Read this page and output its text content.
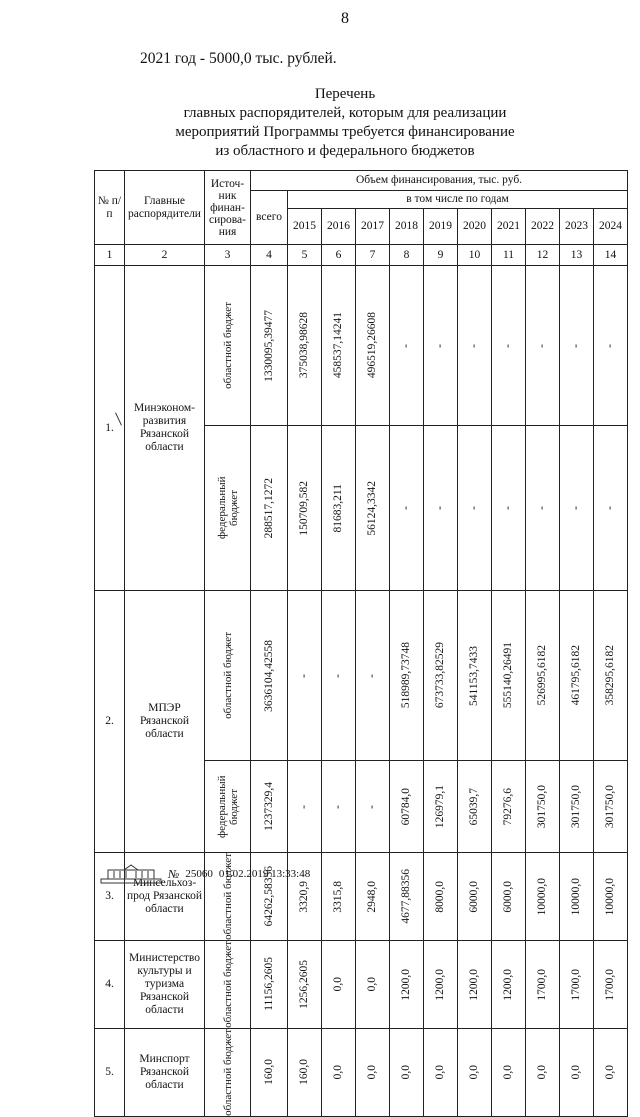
8
2021 год - 5000,0 тыс. рублей.
Перечень
главных распорядителей, которым для реализации
мероприятий Программы требуется финансирование
из областного и федерального бюджетов
№ п/п	Главные распорядители	Источ-ник финан-сирова-ния	Объем финансирования, тыс. руб.										
			всего	в том числе по годам									
				2015	2016	2017	2018	2019	2020	2021	2022	2023	2024
1	2	3	4	5	6	7	8	9	10	11	12	13	14
1.	Минэконом-развития Рязанской области	областной бюджет	1330095,39477	375038,98628	458537,14241	496519,26608	-	-	-	-	-	-	-

		федеральный бюджет	288517,1272	150709,582	81683,211	56124,3342	-	-	-	-	-	-	-

2.	МПЭР Рязанской области	областной бюджет	3636104,42558	-	-	-	518989,73748	673733,82529	541153,7433	555140,26491	526995,6182	461795,6182	358295,6182

		федеральный бюджет	1237329,4	-	-	-	60784,0	126979,1	65039,7	79276,6	301750,0	301750,0	301750,0

3.	Минсельхоз-прод Рязанской области	областной бюджет	64262,58356	3320,9	3315,8	2948,0	4677,88356	8000,0	6000,0	6000,0	10000,0	10000,0	10000,0

4.	Министерство культуры и туризма Рязанской области	областной бюджет	11156,2605	1256,2605	0,0	0,0	1200,0	1200,0	1200,0	1200,0	1700,0	1700,0	1700,0

5.	Минспорт Рязанской области	областной бюджет	160,0	160,0	0,0	0,0	0,0	0,0	0,0	0,0	0,0	0,0	0,0
№ 25060 01.02.2019 13:33:48
